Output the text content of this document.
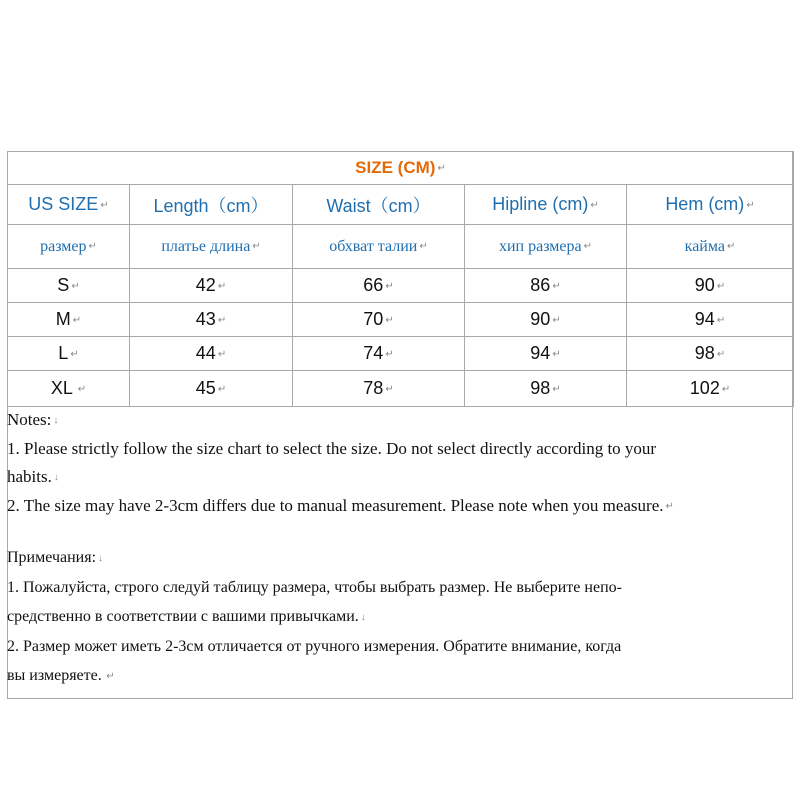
SIZE (CM) ↵				
US SIZE ↵	Length（cm）	Waist（cm）	Hipline (cm) ↵	Hem (cm) ↵
размер ↵	платье длина ↵	обхват талии ↵	хип размера ↵	кайма ↵
S ↵	42 ↵	66 ↵	86 ↵	90 ↵
M ↵	43 ↵	70 ↵	90 ↵	94 ↵
L ↵	44 ↵	74 ↵	94 ↵	98 ↵
XL ↵	45 ↵	78 ↵	98 ↵	102 ↵

Notes: ↓

1. Please strictly follow the size chart to select the size. Do not select directly according to your

habits. ↓

2. The size may have 2-3cm differs due to manual measurement. Please note when you measure. ↵

Примечания: ↓

1. Пожалуйста, строго следуй таблицу размера, чтобы выбрать размер. Не выберите непо-

средственно в соответствии с вашими привычками. ↓

2. Размер может иметь 2-3см отличается от ручного измерения. Обратите внимание, когда

вы измеряете. ↵
